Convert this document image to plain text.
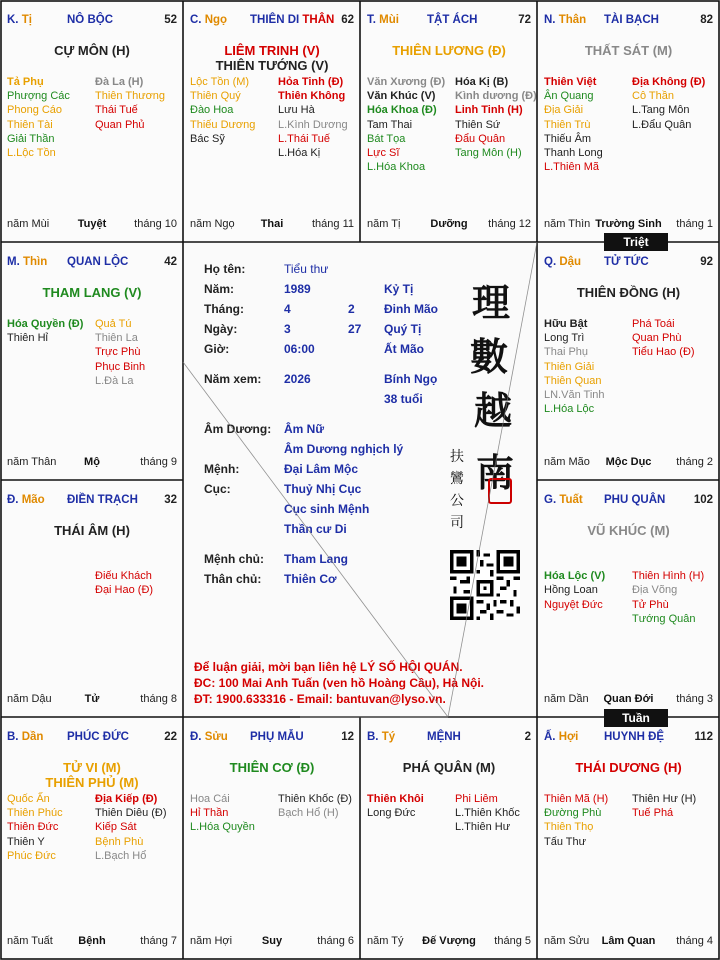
K. Tị	NÔ BỘC	52
CỰ MÔN (H)
Tả Phụ
Phượng Các
Phong Cáo
Thiên Tài
Giải Thần
L.Lộc Tồn
Đà La (H)
Thiên Thương
Thái Tuế
Quan Phủ
năm Mùi	Tuyệt	tháng 10
C. Ngọ THIÊN DI THÂN 62
LIÊM TRINH (V)
THIÊN TƯỚNG (V)
Lộc Tồn (M)
Thiên Quý
Đào Hoa
Thiếu Dương
Bác Sỹ
Hỏa Tinh (Đ)
Thiên Không
Lưu Hà
L.Kình Dương
L.Thái Tuế
L.Hóa Kị
năm Ngọ	Thai	tháng 11
T. Mùi TẬT ÁCH	72
THIÊN LƯƠNG (Đ)
Văn Xương (Đ)
Văn Khúc (V)
Hóa Khoa (Đ)
Tam Thai
Bát Tọa
Lực Sĩ
L.Hóa Khoa
Hóa Kị (B)
Kình dương (Đ)
Linh Tinh (H)
Thiên Sứ
Đẩu Quân
Tang Môn (H)
năm Tị	Dưỡng	tháng 12
N. Thân TÀI BẠCH	82
THẤT SÁT (M)
Thiên Việt
Ân Quang
Địa Giải
Thiên Trù
Thiếu Âm
Thanh Long
L.Thiên Mã
Địa Không (Đ)
Cô Thần
L.Tang Môn
L.Đẩu Quân
năm Thìn Trường Sinh	tháng 1
M. Thìn QUAN LỘC	42
THAM LANG (V)
Hóa Quyền (Đ)
Thiên Hỉ
Quả Tú
Thiên La
Trực Phù
Phục Binh
L.Đà La
năm Thân	Mộ	tháng 9
Q. Dậu TỬ TỨC	92
THIÊN ĐỒNG (H)
Hữu Bật
Long Trì
Thai Phụ
Thiên Giải
Thiên Quan
LN.Văn Tinh
L.Hóa Lộc
Phá Toái
Quan Phù
Tiểu Hao (Đ)
năm Mão	Mộc Dục	tháng 2
Đ. Mão ĐIỀN TRẠCH 32
THÁI ÂM (H)
Điếu Khách
Đại Hao (Đ)
năm Dậu	Tử	tháng 8
G. Tuất PHU QUÂN 102
VŨ KHÚC (M)
Hóa Lộc (V)
Hồng Loan
Nguyệt Đức
Thiên Hình (H)
Địa Võng
Tử Phù
Tướng Quân
năm Dần	Quan Đới	tháng 3
B. Dần PHÚC ĐỨC	22
TỬ VI (M)
THIÊN PHỦ (M)
Quốc Ấn
Thiên Phúc
Thiên Đức
Thiên Y
Phúc Đức
Địa Kiếp (Đ)
Thiên Diêu (Đ)
Kiếp Sát
Bệnh Phù
L.Bạch Hổ
năm Tuất	Bệnh	tháng 7
Đ. Sửu PHỤ MẪU	12
THIÊN CƠ (Đ)
Hoa Cái
Hỉ Thần
L.Hóa Quyền
Thiên Khốc (Đ)
Bạch Hổ (H)
năm Hợi	Suy	tháng 6
B. Tý	MỆNH	2
PHÁ QUÂN (M)
Thiên Khôi
Long Đức
Phi Liêm
L.Thiên Khốc
L.Thiên Hư
năm Tý	Đế Vượng	tháng 5
Ấ. Hợi HUYNH ĐỆ	112
THÁI DƯƠNG (H)
Thiên Mã (H)
Đường Phù
Thiên Thọ
Tấu Thư
Thiên Hư (H)
Tuế Phá
năm Sửu	Lâm Quan	tháng 4
Họ tên:	Tiểu thư
Năm:	1989	Kỷ Tị
Tháng:	4	2 Đinh Mão
Ngày:	3	27 Quý Tị
Giờ:	06:00	Ất Mão
Năm xem: 2026	Bính Ngọ
38 tuổi
Âm Dương: Âm Nữ
Âm Dương nghịch lý
Mệnh:	Đại Lâm Mộc
Cục:	Thuỷ Nhị Cục
Cục sinh Mệnh
Thần cư Di
Mệnh chủ: Tham Lang
Thân chủ: Thiên Cơ
理
數
越
南
扶
鸞
公
司
Để luận giải, mời bạn liên hệ LÝ SỐ HỘI QUÁN.
ĐC: 100 Mai Anh Tuấn (ven hồ Hoàng Cầu), Hà Nội.
ĐT: 1900.633316 - Email: bantuvan@lyso.vn.
Triệt
Tuần
